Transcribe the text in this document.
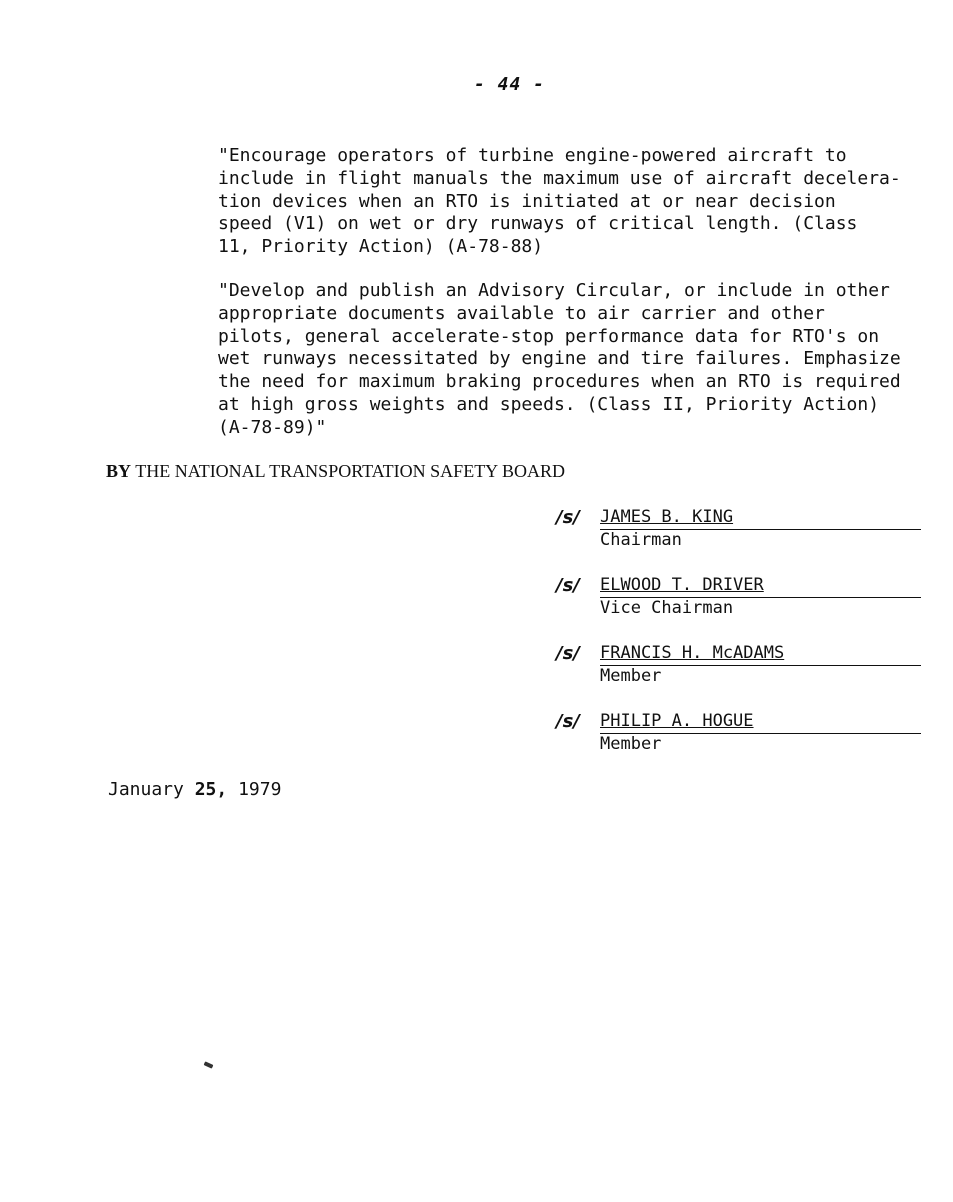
- 44 -
"Encourage operators of turbine engine-powered aircraft to
include in flight manuals the maximum use of aircraft decelera-
tion devices when an RTO is initiated at or near decision
speed (V1) on wet or dry runways of critical length. (Class
11, Priority Action) (A-78-88)
"Develop and publish an Advisory Circular, or include in other
appropriate documents available to air carrier and other
pilots, general accelerate-stop performance data for RTO's on
wet runways necessitated by engine and tire failures. Emphasize
the need for maximum braking procedures when an RTO is required
at high gross weights and speeds. (Class II, Priority Action)
(A-78-89)"
BY THE NATIONAL TRANSPORTATION SAFETY BOARD
/s/ JAMES B. KING
Chairman
/s/ ELWOOD T. DRIVER
Vice Chairman
/s/ FRANCIS H. McADAMS
Member
/s/ PHILIP A. HOGUE
Member
January 25, 1979
